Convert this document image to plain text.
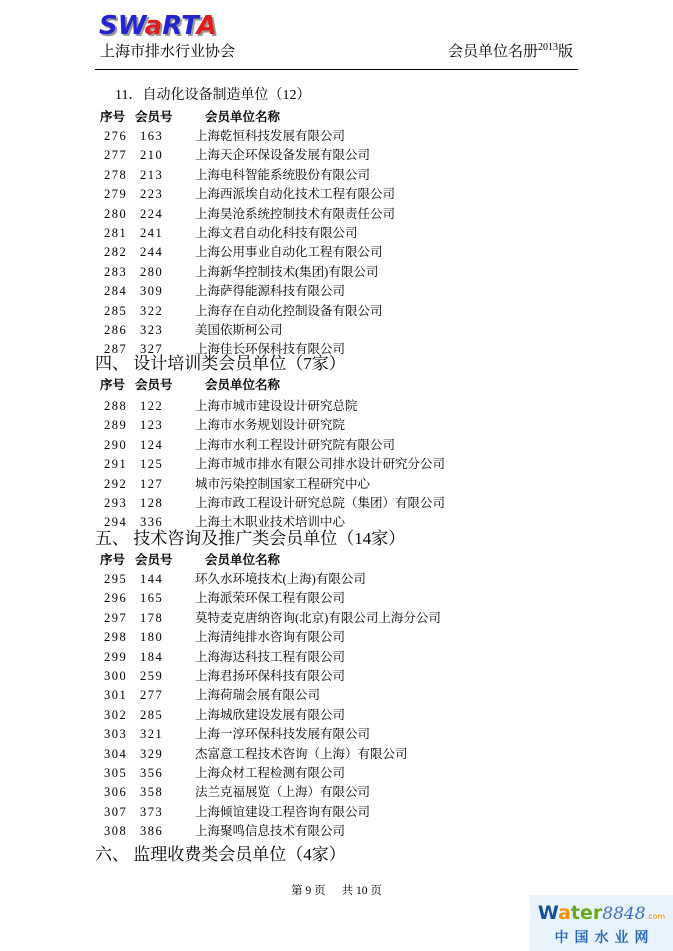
SWaRTA
上海市排水行业协会	会员单位名册$^{2013}$版
11．自动化设备制造单位（12）
序号 会员号	会员单位名称
276	163	上海乾恒科技发展有限公司
277	210	上海天企环保设备发展有限公司
278	213	上海电科智能系统股份有限公司
279	223	上海西派埃自动化技术工程有限公司
280	224	上海昊沧系统控制技术有限责任公司
281	241	上海文君自动化科技有限公司
282	244	上海公用事业自动化工程有限公司
283	280	上海新华控制技术(集团)有限公司
284	309	上海萨得能源科技有限公司
285	322	上海存在自动化控制设备有限公司
286	323	美国依斯柯公司
287	327	上海佳长环保科技有限公司
四、 设计培训类会员单位（7家）
序号 会员号	会员单位名称
288	122	上海市城市建设设计研究总院
289	123	上海市水务规划设计研究院
290	124	上海市水利工程设计研究院有限公司
291	125	上海市城市排水有限公司排水设计研究分公司
292	127	城市污染控制国家工程研究中心
293	128	上海市政工程设计研究总院（集团）有限公司
294	336	上海土木职业技术培训中心
五、 技术咨询及推广类会员单位（14家）
序号 会员号	会员单位名称
295	144	环久水环境技术(上海)有限公司
296	165	上海派荣环保工程有限公司
297	178	莫特麦克唐纳咨询(北京)有限公司上海分公司
298	180	上海清纯排水咨询有限公司
299	184	上海海达科技工程有限公司
300	259	上海君扬环保科技有限公司
301	277	上海荷瑞会展有限公司
302	285	上海城欣建设发展有限公司
303	321	上海一淳环保科技发展有限公司
304	329	杰富意工程技术咨询（上海）有限公司
305	356	上海众材工程检测有限公司
306	358	法兰克福展览（上海）有限公司
307	373	上海倾谊建设工程咨询有限公司
308	386	上海聚鸣信息技术有限公司
六、 监理收费类会员单位（4家）
第 9 页 共 10 页
Water8848.com
中国水业网
